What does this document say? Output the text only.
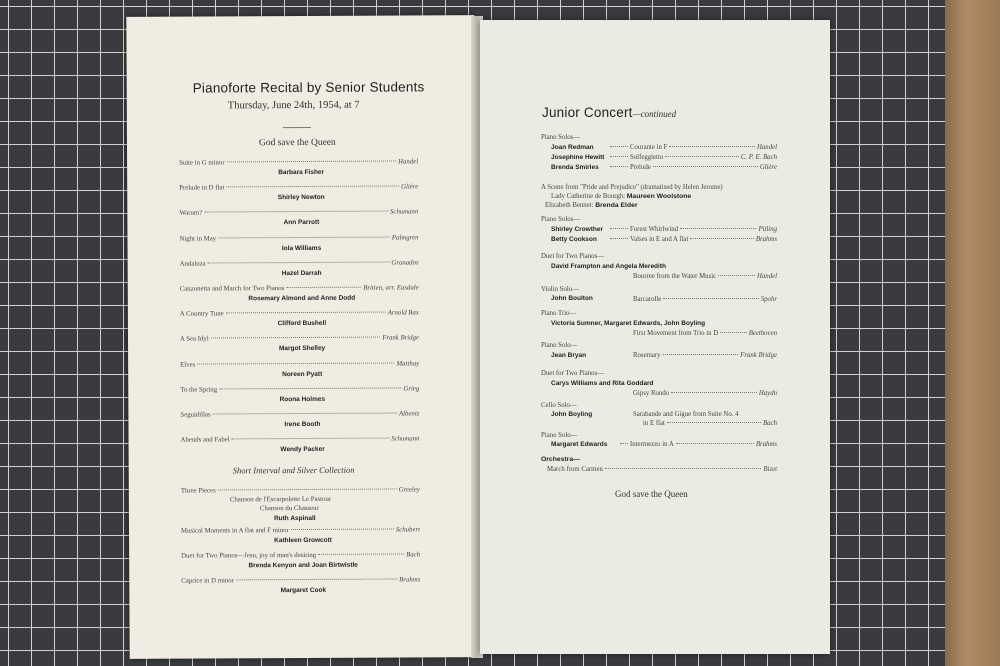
Pianoforte Recital by Senior Students
Thursday, June 24th, 1954, at 7
God save the Queen
Suite in G minor	Handel
Barbara Fisher
Prelude in D flat	Glière
Shirley Newton
Warum?	Schumann
Ann Parrott
Night in May	Palmgren
Iola Williams
Andaluza	Granados
Hazel Darrah
Canzonetta and March for Two Pianos	Britten, arr. Easdale
Rosemary Almond and Anne Dodd
A Country Tune	Arnold Bax
Clifford Bushell
A Sea Idyl	Frank Bridge
Margot Shelley
Elves	Matthay
Noreen Pyatt
To the Spring	Grieg
Roona Holmes
Seguidillas	Albeniz
Irene Booth
Abends and Fabel	Schumann
Wendy Packer
Short Interval and Silver Collection
Three Pieces	Greeley
Chanson de l'Escarpolette Le Pastour
Chanson du Chasseur
Ruth Aspinall
Musical Moments in A flat and F minor	Schubert
Kathleen Growcott
Duet for Two Pianos—Jesu, joy of man's desiring	Bach
Brenda Kenyon and Joan Birtwistle
Caprice in D minor	Brahms
Margaret Cook
Junior Concert—continued
Piano Solos—
Joan Redman	Courante in F	Handel
Josephine Hewitt	Solfeggietto	C. P. E. Bach
Brenda Smirles	Prelude	Glière
A Scene from "Pride and Prejudice" (dramatised by Helen Jerome)
Lady Catherine de Bourgh: Maureen Woolstone
Elizabeth Bennet: Brenda Elder
Piano Solos—
Shirley Crowther	Forest Whirlwind	Pitling
Betty Cookson	Valses in E and A flat	Brahms
Duet for Two Pianos—
David Frampton and Angela Meredith
Bourree from the Water Music	Handel
Violin Solo—
John Boulton	Barcarolle	Spohr
Piano Trio—
Victoria Sumner, Margaret Edwards, John Boyling
First Movement from Trio in D	Beethoven
Piano Solo—
Jean Bryan	Rosemary	Frank Bridge
Duet for Two Pianos—
Carys Williams and Rita Goddard
Gipsy Rondo	Haydn
Cello Solo—
John Boyling	Sarabande and Gigue from Suite No. 4
in E flat	Bach
Piano Solo—
Margaret Edwards	Intermezzo in A	Brahms
Orchestra—
March from Carmen	Bizet
God save the Queen
